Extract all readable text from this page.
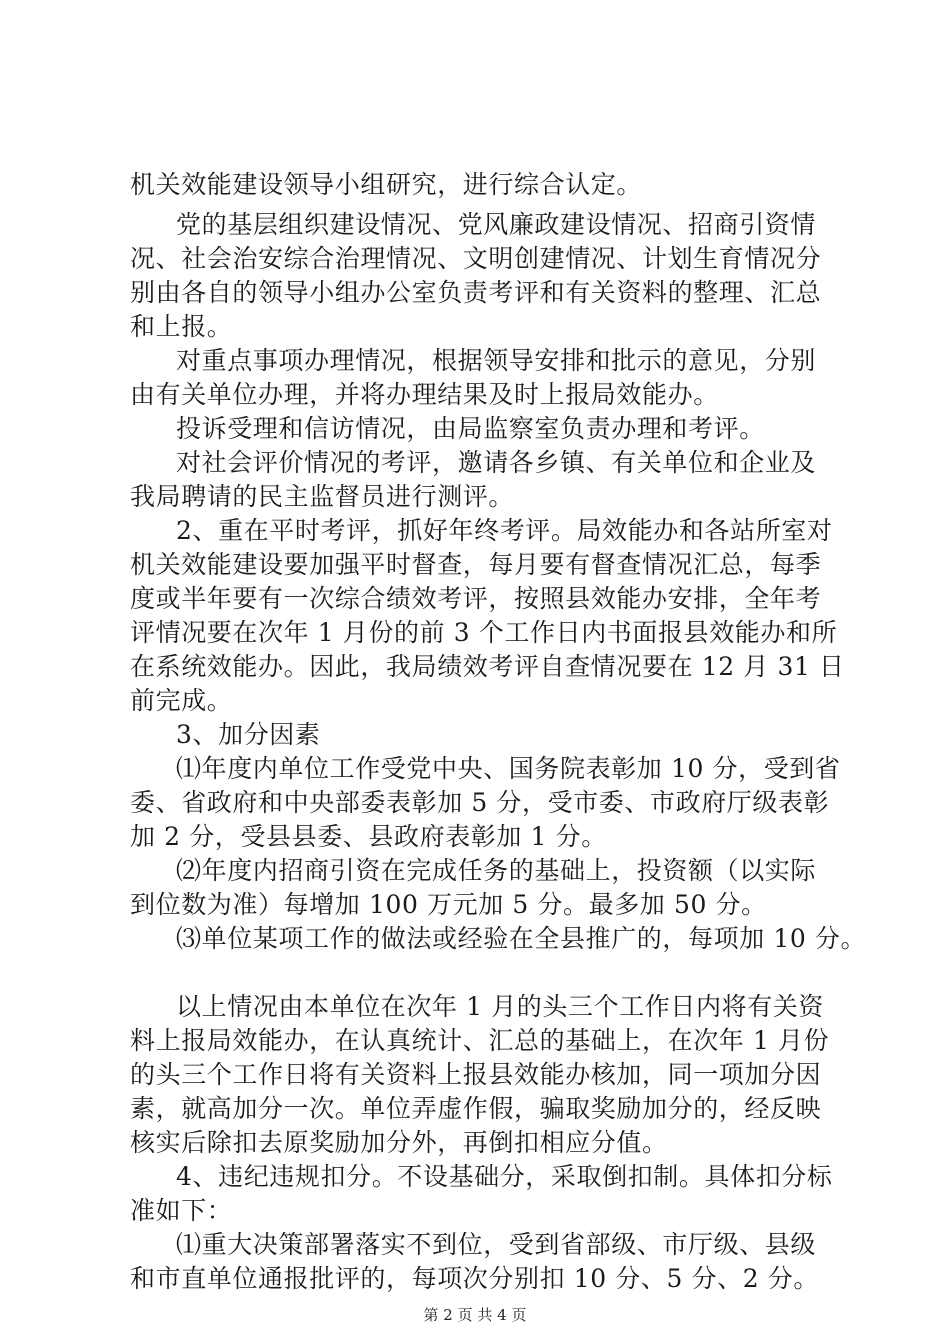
机关效能建设领导小组研究，进行综合认定。
党的基层组织建设情况、党风廉政建设情况、招商引资情
况、社会治安综合治理情况、文明创建情况、计划生育情况分
别由各自的领导小组办公室负责考评和有关资料的整理、汇总
和上报。
对重点事项办理情况，根据领导安排和批示的意见，分别
由有关单位办理，并将办理结果及时上报局效能办。
投诉受理和信访情况，由局监察室负责办理和考评。
对社会评价情况的考评，邀请各乡镇、有关单位和企业及
我局聘请的民主监督员进行测评。
2、重在平时考评，抓好年终考评。局效能办和各站所室对
机关效能建设要加强平时督查，每月要有督查情况汇总，每季
度或半年要有一次综合绩效考评，按照县效能办安排，全年考
评情况要在次年 1 月份的前 3 个工作日内书面报县效能办和所
在系统效能办。因此，我局绩效考评自查情况要在 12 月 31 日
前完成。
3、加分因素
⑴年度内单位工作受党中央、国务院表彰加 10 分，受到省
委、省政府和中央部委表彰加 5 分，受市委、市政府厅级表彰
加 2 分，受县县委、县政府表彰加 1 分。
⑵年度内招商引资在完成任务的基础上，投资额（以实际
到位数为准）每增加 100 万元加 5 分。最多加 50 分。
⑶单位某项工作的做法或经验在全县推广的，每项加 10 分。
以上情况由本单位在次年 1 月的头三个工作日内将有关资
料上报局效能办，在认真统计、汇总的基础上，在次年 1 月份
的头三个工作日将有关资料上报县效能办核加，同一项加分因
素，就高加分一次。单位弄虚作假，骗取奖励加分的，经反映
核实后除扣去原奖励加分外，再倒扣相应分值。
4、违纪违规扣分。不设基础分，采取倒扣制。具体扣分标
准如下：
⑴重大决策部署落实不到位，受到省部级、市厅级、县级
和市直单位通报批评的，每项次分别扣 10 分、5 分、2 分。
第 2 页 共 4 页
